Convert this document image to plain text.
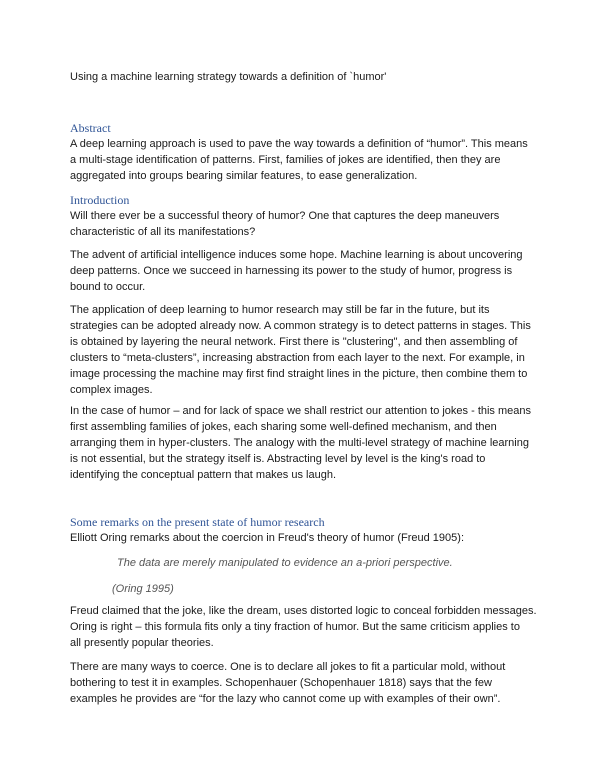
Using a machine learning strategy towards a definition of `humor'
Abstract
A deep learning approach is used to pave the way towards a definition of “humor”. This means
a multi-stage identification of patterns. First, families of jokes are identified, then they are
aggregated into groups bearing similar features, to ease generalization.
Introduction
Will there ever be a successful theory of humor? One that captures the deep maneuvers
characteristic of all its manifestations?
The advent of artificial intelligence induces some hope. Machine learning is about uncovering
deep patterns. Once we succeed in harnessing its power to the study of humor, progress is
bound to occur.
The application of deep learning to humor research may still be far in the future, but its
strategies can be adopted already now. A common strategy is to detect patterns in stages. This
is obtained by layering the neural network. First there is "clustering", and then assembling of
clusters to “meta-clusters”, increasing abstraction from each layer to the next. For example, in
image processing the machine may first find straight lines in the picture, then combine them to
complex images.
In the case of humor – and for lack of space we shall restrict our attention to jokes - this means
first assembling families of jokes, each sharing some well-defined mechanism, and then
arranging them in hyper-clusters. The analogy with the multi-level strategy of machine learning
is not essential, but the strategy itself is. Abstracting level by level is the king's road to
identifying the conceptual pattern that makes us laugh.
Some remarks on the present state of humor research
Elliott Oring remarks about the coercion in Freud's theory of humor (Freud 1905):
The data are merely manipulated to evidence an a-priori perspective.
(Oring 1995)
Freud claimed that the joke, like the dream, uses distorted logic to conceal forbidden messages.
Oring is right – this formula fits only a tiny fraction of humor. But the same criticism applies to
all presently popular theories.
There are many ways to coerce. One is to declare all jokes to fit a particular mold, without
bothering to test it in examples. Schopenhauer (Schopenhauer 1818) says that the few
examples he provides are “for the lazy who cannot come up with examples of their own”.
